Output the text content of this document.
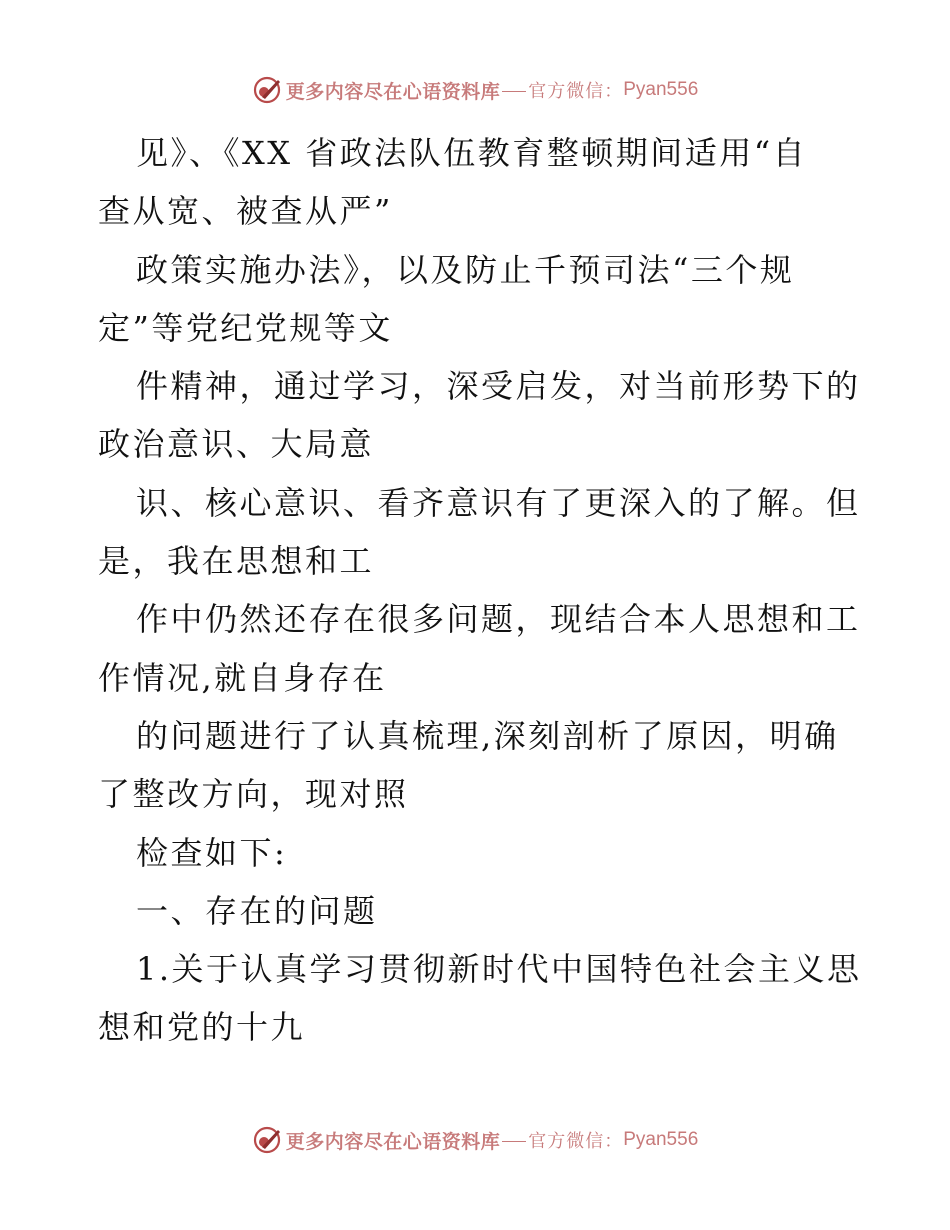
更多内容尽在心语资料库 官方微信： Pyan556
见》、《XX 省政法队伍教育整顿期间适用“自
查从宽、被查从严”
政策实施办法》，以及防止千预司法“三个规
定”等党纪党规等文
件精神，通过学习，深受启发，对当前形势下的
政治意识、大局意
识、核心意识、看齐意识有了更深入的了解。但
是，我在思想和工
作中仍然还存在很多问题，现结合本人思想和工
作情况,就自身存在
的问题进行了认真梳理,深刻剖析了原因，明确
了整改方向，现对照
检查如下:
一、存在的问题
1.关于认真学习贯彻新时代中国特色社会主义思
想和党的十九
更多内容尽在心语资料库 官方微信： Pyan556
